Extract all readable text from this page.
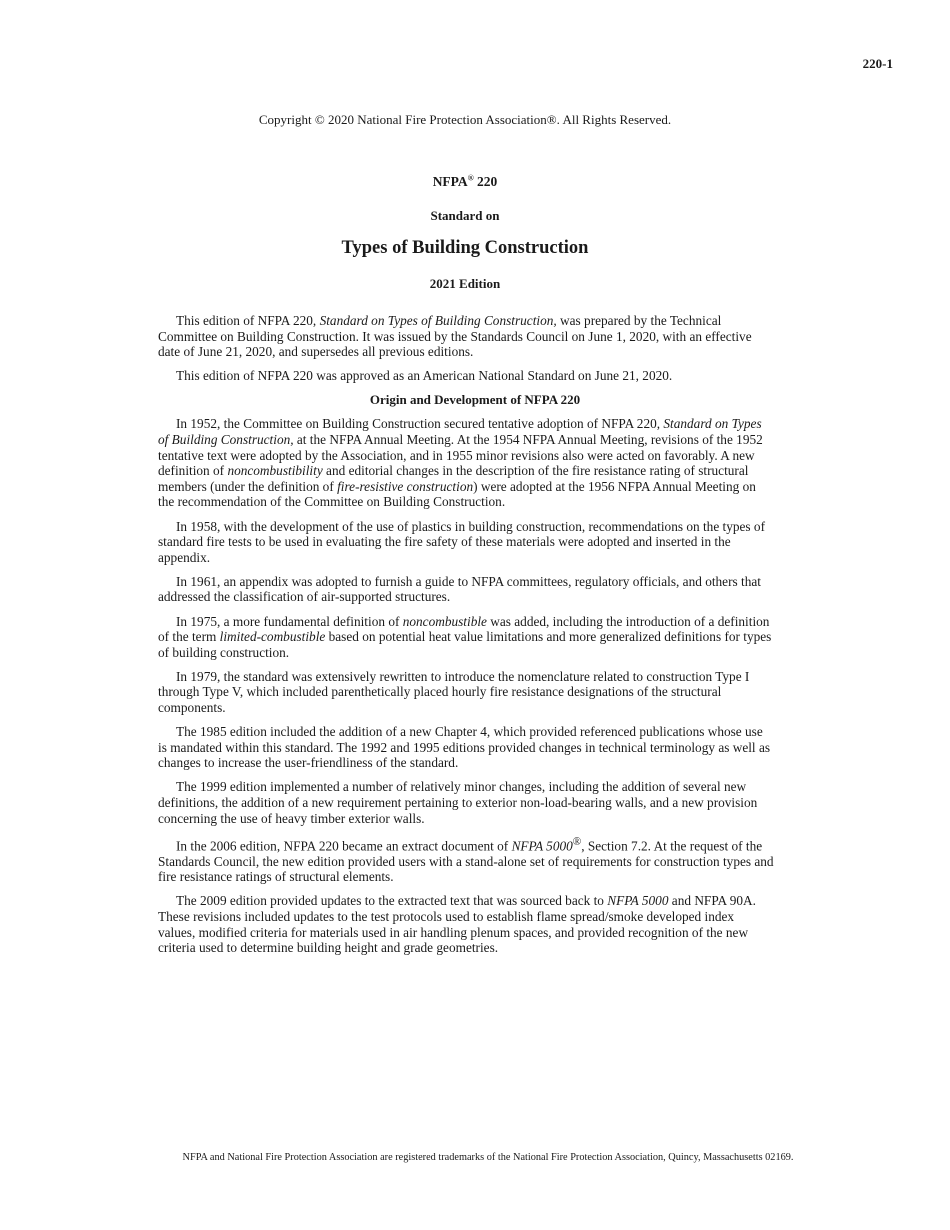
220-1

Copyright © 2020 National Fire Protection Association®. All Rights Reserved.

NFPA® 220

Standard on

Types of Building Construction

2021 Edition

This edition of NFPA 220, Standard on Types of Building Construction, was prepared by the Technical Committee on Building Construction. It was issued by the Standards Council on June 1, 2020, with an effective date of June 21, 2020, and supersedes all previous editions.

This edition of NFPA 220 was approved as an American National Standard on June 21, 2020.

Origin and Development of NFPA 220

In 1952, the Committee on Building Construction secured tentative adoption of NFPA 220, Standard on Types of Building Construction, at the NFPA Annual Meeting. At the 1954 NFPA Annual Meeting, revisions of the 1952 tentative text were adopted by the Association, and in 1955 minor revisions also were acted on favorably. A new definition of noncombustibility and editorial changes in the description of the fire resistance rating of structural members (under the definition of fire-resistive construction) were adopted at the 1956 NFPA Annual Meeting on the recommendation of the Committee on Building Construction.

In 1958, with the development of the use of plastics in building construction, recommendations on the types of standard fire tests to be used in evaluating the fire safety of these materials were adopted and inserted in the appendix.

In 1961, an appendix was adopted to furnish a guide to NFPA committees, regulatory officials, and others that addressed the classification of air-supported structures.

In 1975, a more fundamental definition of noncombustible was added, including the introduction of a definition of the term limited-combustible based on potential heat value limitations and more generalized definitions for types of building construction.

In 1979, the standard was extensively rewritten to introduce the nomenclature related to construction Type I through Type V, which included parenthetically placed hourly fire resistance designations of the structural components.

The 1985 edition included the addition of a new Chapter 4, which provided referenced publications whose use is mandated within this standard. The 1992 and 1995 editions provided changes in technical terminology as well as changes to increase the user-friendliness of the standard.

The 1999 edition implemented a number of relatively minor changes, including the addition of several new definitions, the addition of a new requirement pertaining to exterior non-load-bearing walls, and a new provision concerning the use of heavy timber exterior walls.

In the 2006 edition, NFPA 220 became an extract document of NFPA 5000®, Section 7.2. At the request of the Standards Council, the new edition provided users with a stand-alone set of requirements for construction types and fire resistance ratings of structural elements.

The 2009 edition provided updates to the extracted text that was sourced back to NFPA 5000 and NFPA 90A. These revisions included updates to the test protocols used to establish flame spread/smoke developed index values, modified criteria for materials used in air handling plenum spaces, and provided recognition of the new criteria used to determine building height and grade geometries.

NFPA and National Fire Protection Association are registered trademarks of the National Fire Protection Association, Quincy, Massachusetts 02169.
